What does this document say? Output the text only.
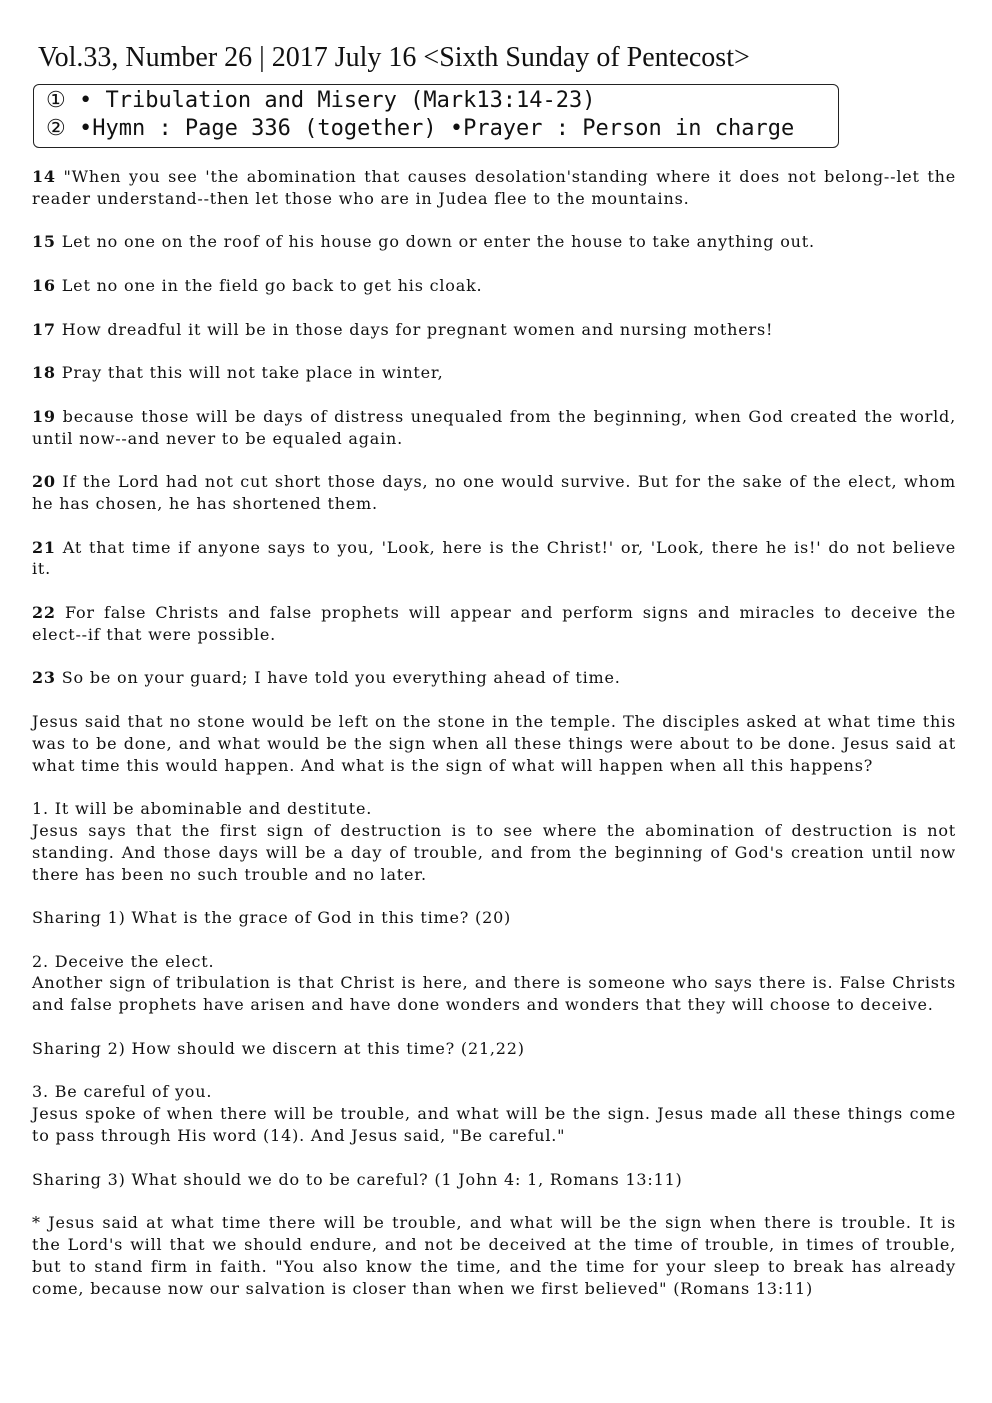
Vol.33, Number 26 | 2017 July 16 <Sixth Sunday of Pentecost>
① • Tribulation and Misery (Mark13:14-23)
② •Hymn : Page 336 (together) •Prayer : Person in charge

14 "When you see 'the abomination that causes desolation'standing where it does not belong--let the reader understand--then let those who are in Judea flee to the mountains.

15 Let no one on the roof of his house go down or enter the house to take anything out.

16 Let no one in the field go back to get his cloak.

17 How dreadful it will be in those days for pregnant women and nursing mothers!

18 Pray that this will not take place in winter,

19 because those will be days of distress unequaled from the beginning, when God created the world, until now--and never to be equaled again.

20 If the Lord had not cut short those days, no one would survive. But for the sake of the elect, whom he has chosen, he has shortened them.

21 At that time if anyone says to you, 'Look, here is the Christ!' or, 'Look, there he is!' do not believe it.

22 For false Christs and false prophets will appear and perform signs and miracles to deceive the elect--if that were possible.

23 So be on your guard; I have told you everything ahead of time.

Jesus said that no stone would be left on the stone in the temple. The disciples asked at what time this was to be done, and what would be the sign when all these things were about to be done. Jesus said at what time this would happen. And what is the sign of what will happen when all this happens?

1. It will be abominable and destitute.
Jesus says that the first sign of destruction is to see where the abomination of destruction is not standing. And those days will be a day of trouble, and from the beginning of God's creation until now there has been no such trouble and no later.

Sharing 1) What is the grace of God in this time? (20)

2. Deceive the elect.
Another sign of tribulation is that Christ is here, and there is someone who says there is. False Christs and false prophets have arisen and have done wonders and wonders that they will choose to deceive.

Sharing 2) How should we discern at this time? (21,22)

3. Be careful of you.
Jesus spoke of when there will be trouble, and what will be the sign. Jesus made all these things come to pass through His word (14). And Jesus said, "Be careful."

Sharing 3) What should we do to be careful? (1 John 4: 1, Romans 13:11)

* Jesus said at what time there will be trouble, and what will be the sign when there is trouble. It is the Lord's will that we should endure, and not be deceived at the time of trouble, in times of trouble, but to stand firm in faith. "You also know the time, and the time for your sleep to break has already come, because now our salvation is closer than when we first believed" (Romans 13:11)
